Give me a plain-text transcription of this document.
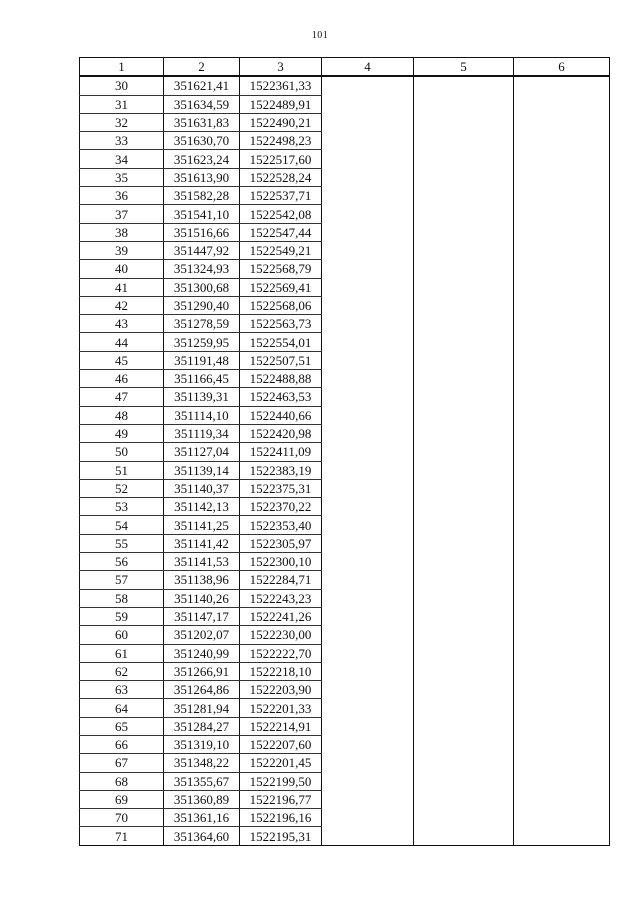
101
1	2	3	4	5	6
30	351621,41	1522361,33			
31	351634,59	1522489,91			
32	351631,83	1522490,21			
33	351630,70	1522498,23			
34	351623,24	1522517,60			
35	351613,90	1522528,24			
36	351582,28	1522537,71			
37	351541,10	1522542,08			
38	351516,66	1522547,44			
39	351447,92	1522549,21			
40	351324,93	1522568,79			
41	351300,68	1522569,41			
42	351290,40	1522568,06			
43	351278,59	1522563,73			
44	351259,95	1522554,01			
45	351191,48	1522507,51			
46	351166,45	1522488,88			
47	351139,31	1522463,53			
48	351114,10	1522440,66			
49	351119,34	1522420,98			
50	351127,04	1522411,09			
51	351139,14	1522383,19			
52	351140,37	1522375,31			
53	351142,13	1522370,22			
54	351141,25	1522353,40			
55	351141,42	1522305,97			
56	351141,53	1522300,10			
57	351138,96	1522284,71			
58	351140,26	1522243,23			
59	351147,17	1522241,26			
60	351202,07	1522230,00			
61	351240,99	1522222,70			
62	351266,91	1522218,10			
63	351264,86	1522203,90			
64	351281,94	1522201,33			
65	351284,27	1522214,91			
66	351319,10	1522207,60			
67	351348,22	1522201,45			
68	351355,67	1522199,50			
69	351360,89	1522196,77			
70	351361,16	1522196,16			
71	351364,60	1522195,31			
